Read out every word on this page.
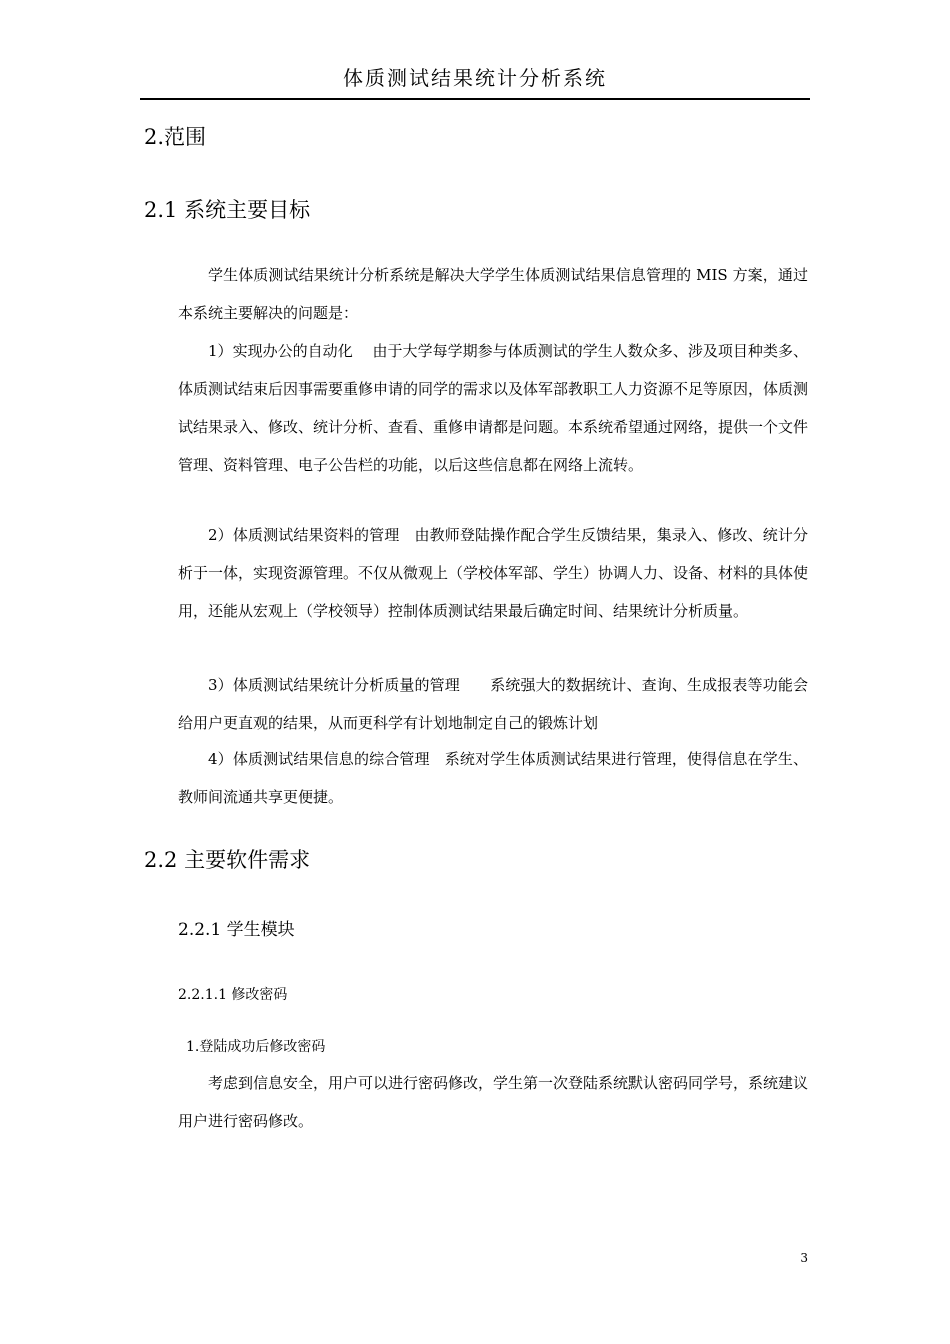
体质测试结果统计分析系统
2.范围
2.1 系统主要目标
学生体质测试结果统计分析系统是解决大学学生体质测试结果信息管理的 MIS 方案，通过本系统主要解决的问题是：
1）实现办公的自动化　 由于大学每学期参与体质测试的学生人数众多、涉及项目种类多、体质测试结束后因事需要重修申请的同学的需求以及体军部教职工人力资源不足等原因，体质测试结果录入、修改、统计分析、查看、重修申请都是问题。本系统希望通过网络，提供一个文件管理、资料管理、电子公告栏的功能，以后这些信息都在网络上流转。
2）体质测试结果资料的管理　由教师登陆操作配合学生反馈结果，集录入、修改、统计分析于一体，实现资源管理。不仅从微观上（学校体军部、学生）协调人力、设备、材料的具体使用，还能从宏观上（学校领导）控制体质测试结果最后确定时间、结果统计分析质量。
3）体质测试结果统计分析质量的管理　　系统强大的数据统计、查询、生成报表等功能会给用户更直观的结果，从而更科学有计划地制定自己的锻炼计划
4）体质测试结果信息的综合管理　系统对学生体质测试结果进行管理，使得信息在学生、教师间流通共享更便捷。
2.2 主要软件需求
2.2.1 学生模块
2.2.1.1 修改密码
1.登陆成功后修改密码
考虑到信息安全，用户可以进行密码修改，学生第一次登陆系统默认密码同学号，系统建议用户进行密码修改。
3
